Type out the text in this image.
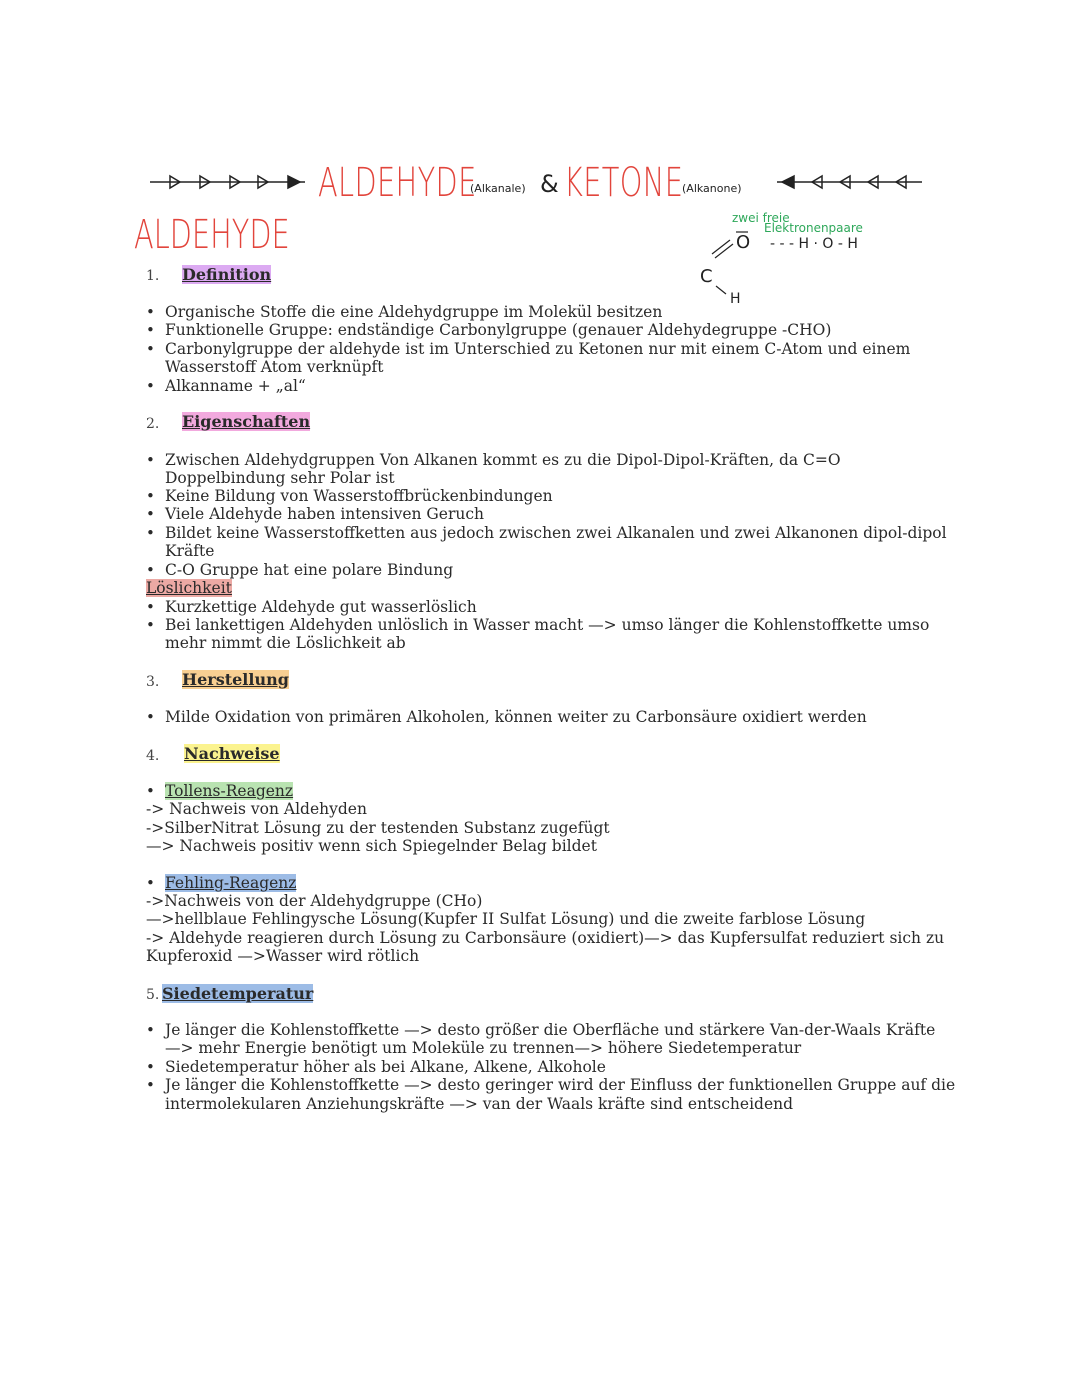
ALDEHYDE
(Alkanale) & KETONE
(Alkanone)
ALDEHYDE	zwei freie
Elektronenpaare
O
C
H
- - - H · O - H
1. Definition
• Organische Stoffe die eine Aldehydgruppe im Molekül besitzen
• Funktionelle Gruppe: endständige Carbonylgruppe (genauer Aldehydegruppe -CHO)
• Carbonylgruppe der aldehyde ist im Unterschied zu Ketonen nur mit einem C-Atom und einem
Wasserstoff Atom verknüpft
• Alkanname + „al“
2. Eigenschaften
• Zwischen Aldehydgruppen Von Alkanen kommt es zu die Dipol-Dipol-Kräften, da C=O
Doppelbindung sehr Polar ist
• Keine Bildung von Wasserstoffbrückenbindungen
• Viele Aldehyde haben intensiven Geruch
• Bildet keine Wasserstoffketten aus jedoch zwischen zwei Alkanalen und zwei Alkanonen dipol-dipol
Kräfte
• C-O Gruppe hat eine polare Bindung
Löslichkeit
• Kurzkettige Aldehyde gut wasserlöslich
• Bei lankettigen Aldehyden unlöslich in Wasser macht —> umso länger die Kohlenstoffkette umso
mehr nimmt die Löslichkeit ab
3. Herstellung
• Milde Oxidation von primären Alkoholen, können weiter zu Carbonsäure oxidiert werden
4. Nachweise
• Tollens-Reagenz
-> Nachweis von Aldehyden
->SilberNitrat Lösung zu der testenden Substanz zugefügt
—> Nachweis positiv wenn sich Spiegelnder Belag bildet
• Fehling-Reagenz
->Nachweis von der Aldehydgruppe (CHo)
—>hellblaue Fehlingysche Lösung(Kupfer II Sulfat Lösung) und die zweite farblose Lösung
-> Aldehyde reagieren durch Lösung zu Carbonsäure (oxidiert)—> das Kupfersulfat reduziert sich zu
Kupferoxid —>Wasser wird rötlich
5. Siedetemperatur
• Je länger die Kohlenstoffkette —> desto größer die Oberfläche und stärkere Van-der-Waals Kräfte
—> mehr Energie benötigt um Moleküle zu trennen—> höhere Siedetemperatur
• Siedetemperatur höher als bei Alkane, Alkene, Alkohole
• Je länger die Kohlenstoffkette —> desto geringer wird der Einfluss der funktionellen Gruppe auf die
intermolekularen Anziehungskräfte —> van der Waals kräfte sind entscheidend
